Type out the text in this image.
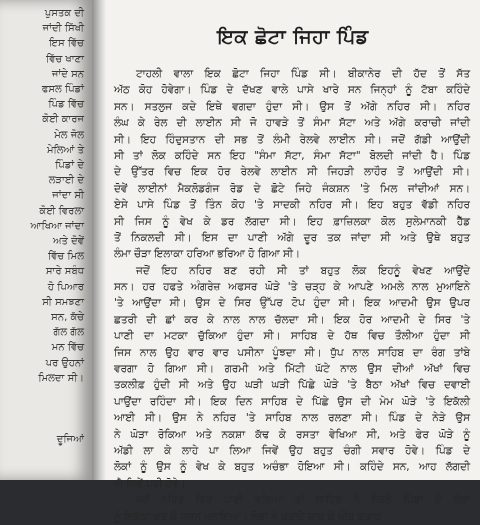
ਪੁਸਤਕ ਦੀ
ਜਾਂਦੀ ਸਿੱਖੀ
ਇਸ ਵਿੱਚ
ਵਿੱਚ ਖਾਣਾ
ਜਾਂਦੇ ਸਨ
ਫਸਲ ਪਿੰਡਾਂ
ਪਿੰਡ ਵਿੱਚ
ਕੋਈ ਕਾਰਜ
ਮੇਲ ਜੋਲ
ਮੇਲਿਆਂ ਤੇ
ਪਿੰਡਾਂ ਦੇ
ਲੜਾਈ ਦੇ
ਜਾਂਦਾ ਸੀ
ਕੋਈ ਵਿਰਲਾ
ਆਖਿਆ ਜਾਂਦਾ
ਅਤੇ ਦੋਵੇਂ
ਵਿੱਚ ਮਿਲ
ਸਾਰੇ ਸਬੰਧ
ਹੋ ਪਿਆਰ
ਸੀ ਸਮਝਣਾ
ਸਨ, ਕੱਚੇ
ਗੱਲ ਗੱਲ
ਮਨ ਵਿੱਚ
ਪਰ ਉਹਨਾਂ
ਮਿਲਦਾ ਸੀ।

ਦੂਜਿਆਂ
ਇਕ ਛੋਟਾ ਜਿਹਾ ਪਿੰਡ
ਟਾਹਲੀ ਵਾਲਾ ਇਕ ਛੋਟਾ ਜਿਹਾ ਪਿੰਡ ਸੀ। ਬੀਕਾਨੇਰ ਦੀ ਹੱਦ ਤੋਂ ਸੱਤ
ਅੱਠ ਕੋਹ ਹੋਵੇਗਾ। ਪਿੰਡ ਦੇ ਦੱਖਣ ਵਾਲੇ ਪਾਸੇ ਖਾਰੇ ਸਨ ਜਿਨ੍ਹਾਂ ਨੂੰ ਟੱਬਾ ਕਹਿੰਦੇ
ਸਨ। ਸਤਲੁਜ ਕਦੇ ਇਥੇ ਵਗਦਾ ਹੁੰਦਾ ਸੀ। ਉਸ ਤੋਂ ਅੱਗੇ ਨਹਿਰ ਸੀ। ਨਹਿਰ
ਲੰਘ ਕੇ ਰੇਲ ਦੀ ਲਾਈਨ ਸੀ ਜੋ ਹਾਵੜੇ ਤੋਂ ਸੰਮਾ ਸੱਟਾ ਅਤੇ ਅੱਗੇ ਕਰਾਚੀ ਜਾਂਦੀ
ਸੀ। ਇਹ ਹਿੰਦੁਸਤਾਨ ਦੀ ਸਭ ਤੋਂ ਲੰਮੀ ਰੇਲਵੇ ਲਾਈਨ ਸੀ। ਜਦੋਂ ਗੱਡੀ ਆਉਂਦੀ
ਸੀ ਤਾਂ ਲੋਕ ਕਹਿੰਦੇ ਸਨ ਇਹ "ਸੰਮਾ ਸੱਟਾ, ਸੰਮਾ ਸੱਟਾ" ਬੋਲਦੀ ਜਾਂਦੀ ਹੈ। ਪਿੰਡ
ਦੇ ਉੱਤਰ ਵਿਚ ਇਕ ਹੋਰ ਰੇਲਵੇ ਲਾਈਨ ਸੀ ਜਿਹੜੀ ਲਾਹੌਰ ਤੋਂ ਆਉਂਦੀ ਸੀ।
ਦੋਵੇਂ ਲਾਈਨਾਂ ਮੈਕਲੋਡਗੰਜ ਰੋਡ ਦੇ ਛੋਟੇ ਜਿਹੇ ਜੰਕਸ਼ਨ 'ਤੇ ਮਿਲ ਜਾਂਦੀਆਂ ਸਨ।
ਏਸੇ ਪਾਸੇ ਪਿੰਡ ਤੋਂ ਤਿੰਨ ਕੋਹ 'ਤੇ ਸਾਦਕੀ ਨਹਿਰ ਸੀ। ਇਹ ਬਹੁਤ ਵੱਡੀ ਨਹਿਰ
ਸੀ ਜਿਸ ਨੂੰ ਵੇਖ ਕੇ ਡਰ ਲੱਗਦਾ ਸੀ। ਇਹ ਫ਼ਾਜ਼ਿਲਕਾ ਕੋਲ ਸੁਲੇਮਾਨਕੀ ਹੈੱਡ
ਤੋਂ ਨਿਕਲਦੀ ਸੀ। ਇਸ ਦਾ ਪਾਣੀ ਅੱਗੇ ਦੂਰ ਤਕ ਜਾਂਦਾ ਸੀ ਅਤੇ ਉਥੇ ਬਹੁਤ
ਲੰਮਾ ਚੌੜਾ ਇਲਾਕਾ ਹਰਿਆ ਭਰਿਆ ਹੋ ਗਿਆ ਸੀ।
ਜਦੋਂ ਇਹ ਨਹਿਰ ਬਣ ਰਹੀ ਸੀ ਤਾਂ ਬਹੁਤ ਲੋਕ ਇਹਨੂੰ ਵੇਖਣ ਆਉਂਦੇ
ਸਨ। ਹਰ ਹਫਤੇ ਅੰਗਰੇਜ਼ ਅਫਸਰ ਘੋੜੇ 'ਤੇ ਚੜ੍ਹ ਕੇ ਆਪਣੇ ਅਮਲੇ ਨਾਲ ਮੁਆਇਨੇ
'ਤੇ ਆਉਂਦਾ ਸੀ। ਉਸ ਦੇ ਸਿਰ ਉੱਪਰ ਟੋਪ ਹੁੰਦਾ ਸੀ। ਇਕ ਆਦਮੀ ਉਸ ਉਪਰ
ਛਤਰੀ ਦੀ ਛਾਂ ਕਰ ਕੇ ਨਾਲ ਨਾਲ ਚੱਲਦਾ ਸੀ। ਇਕ ਹੋਰ ਆਦਮੀ ਦੇ ਸਿਰ 'ਤੇ
ਪਾਣੀ ਦਾ ਮਟਕਾ ਚੁੱਕਿਆ ਹੁੰਦਾ ਸੀ। ਸਾਹਿਬ ਦੇ ਹੱਥ ਵਿਚ ਤੌਲੀਆ ਹੁੰਦਾ ਸੀ
ਜਿਸ ਨਾਲ ਉਹ ਵਾਰ ਵਾਰ ਪਸੀਨਾ ਪੂੰਝਦਾ ਸੀ। ਧੁੱਪ ਨਾਲ ਸਾਹਿਬ ਦਾ ਰੰਗ ਤਾਂਬੇ
ਵਰਗਾ ਹੋ ਗਿਆ ਸੀ। ਗਰਮੀ ਅਤੇ ਮਿੱਟੀ ਘੱਟੇ ਨਾਲ ਉਸ ਦੀਆਂ ਅੱਖਾਂ ਵਿਚ
ਤਕਲੀਫ਼ ਹੁੰਦੀ ਸੀ ਅਤੇ ਉਹ ਘੜੀ ਘੜੀ ਪਿੱਛੇ ਘੋੜੇ 'ਤੇ ਬੈਠਾ ਅੱਖਾਂ ਵਿਚ ਦਵਾਈ
ਪਾਉਂਦਾ ਰਹਿੰਦਾ ਸੀ। ਇਕ ਦਿਨ ਸਾਹਿਬ ਦੇ ਪਿੱਛੇ ਉਸ ਦੀ ਮੇਮ ਘੋੜੇ 'ਤੇ ਇਕੱਲੀ
ਆਈ ਸੀ। ਉਸ ਨੇ ਨਹਿਰ 'ਤੇ ਸਾਹਿਬ ਨਾਲ ਰਲਣਾ ਸੀ। ਪਿੰਡ ਦੇ ਨੇੜੇ ਉਸ
ਨੇ ਘੋੜਾ ਰੋਕਿਆ ਅਤੇ ਨਕਸ਼ਾ ਕੱਢ ਕੇ ਰਸਤਾ ਵੇਖਿਆ ਸੀ, ਅਤੇ ਫੇਰ ਘੋੜੇ ਨੂੰ
ਅੱਡੀ ਲਾ ਕੇ ਲਾਹੇ ਪਾ ਲਿਆ ਜਿਵੇਂ ਉਹ ਬਹੁਤ ਚੰਗੀ ਸਵਾਰ ਹੋਵੇ। ਪਿੰਡ ਦੇ
ਲੋਕਾਂ ਨੂੰ ਉਸ ਨੂੰ ਵੇਖ ਕੇ ਬਹੁਤ ਅਚੰਭਾ ਹੋਇਆ ਸੀ। ਕਹਿੰਦੇ ਸਨ, ਆਹ ਲੱਗਦੀ
ਐ ਜਿਵੇਂ ਪਰੀ ਹੋਵੇ।
ਜਦੋਂ ਨਹਿਰ ਵਿਚ ਪਾਣੀ ਵਗਿਆ ਤਾਂ ਸਾਹਿਬ ਨੇ ਨੇੜਲੇ ਪਿੰਡਾਂ ਦੇ ਲੋਕਾਂ
ਨੂੰ ਇਕੱਠਾ ਕਰ ਕੇ ਜਸ਼ਨ ਮਨਾਇਆ। ਲੋਕਾਂ ਨੇ ਕੜਾਹੇ ਚਾੜ ਕੇ ਖੀਰ ਕੜਾਹ
